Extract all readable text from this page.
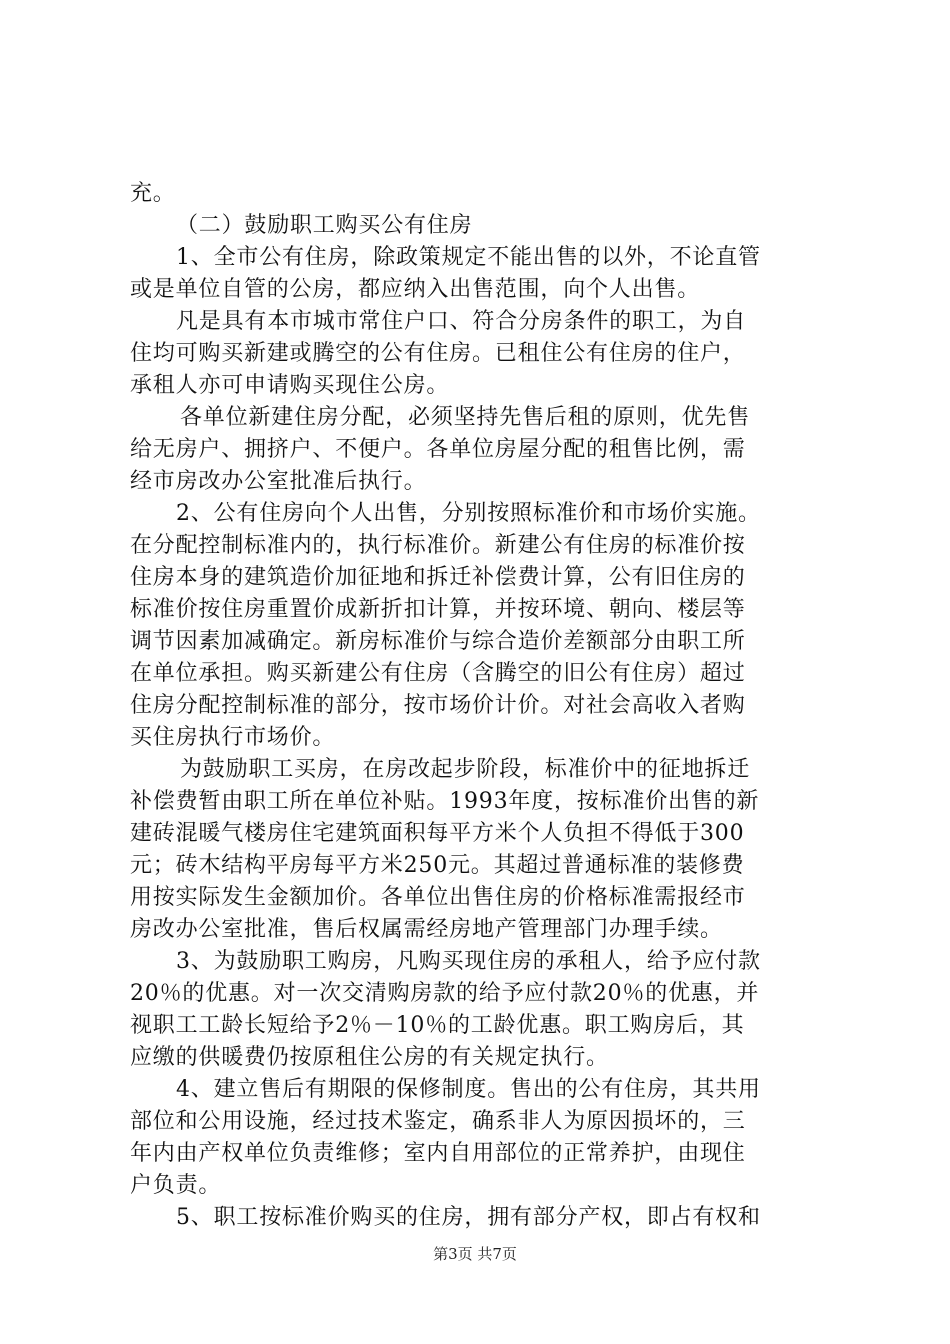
充。
（二）鼓励职工购买公有住房
1、全市公有住房，除政策规定不能出售的以外，不论直管
或是单位自管的公房，都应纳入出售范围，向个人出售。
凡是具有本市城市常住户口、符合分房条件的职工，为自
住均可购买新建或腾空的公有住房。已租住公有住房的住户，
承租人亦可申请购买现住公房。
各单位新建住房分配，必须坚持先售后租的原则，优先售
给无房户、拥挤户、不便户。各单位房屋分配的租售比例，需
经市房改办公室批准后执行。
2、公有住房向个人出售，分别按照标准价和市场价实施。
在分配控制标准内的，执行标准价。新建公有住房的标准价按
住房本身的建筑造价加征地和拆迁补偿费计算，公有旧住房的
标准价按住房重置价成新折扣计算，并按环境、朝向、楼层等
调节因素加减确定。新房标准价与综合造价差额部分由职工所
在单位承担。购买新建公有住房（含腾空的旧公有住房）超过
住房分配控制标准的部分，按市场价计价。对社会高收入者购
买住房执行市场价。
为鼓励职工买房，在房改起步阶段，标准价中的征地拆迁
补偿费暂由职工所在单位补贴。1993年度，按标准价出售的新
建砖混暖气楼房住宅建筑面积每平方米个人负担不得低于300
元；砖木结构平房每平方米250元。其超过普通标准的装修费
用按实际发生金额加价。各单位出售住房的价格标准需报经市
房改办公室批准，售后权属需经房地产管理部门办理手续。
3、为鼓励职工购房，凡购买现住房的承租人，给予应付款
20％的优惠。对一次交清购房款的给予应付款20％的优惠，并
视职工工龄长短给予2％－10％的工龄优惠。职工购房后，其
应缴的供暖费仍按原租住公房的有关规定执行。
4、建立售后有期限的保修制度。售出的公有住房，其共用
部位和公用设施，经过技术鉴定，确系非人为原因损坏的，三
年内由产权单位负责维修；室内自用部位的正常养护，由现住
户负责。
5、职工按标准价购买的住房，拥有部分产权，即占有权和
第3页 共7页
